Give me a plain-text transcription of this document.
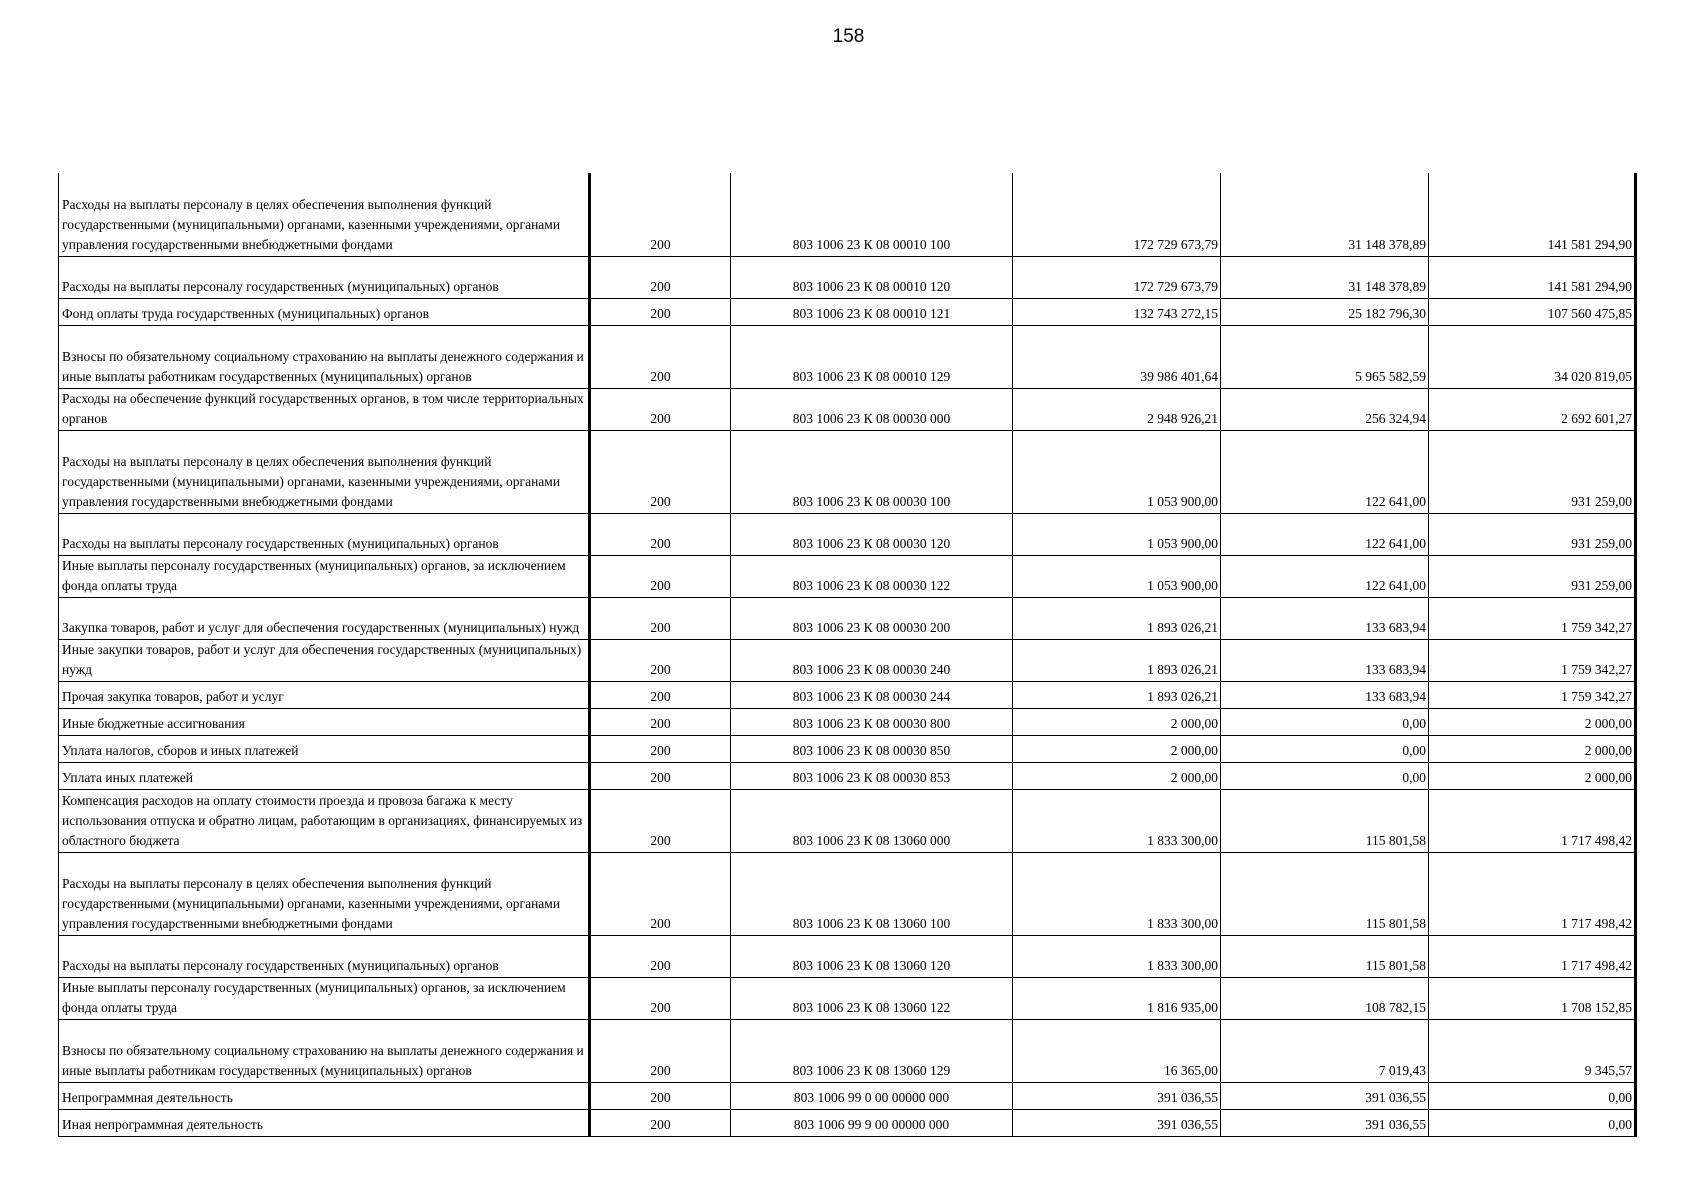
158
Расходы на выплаты персоналу в целях обеспечения выполнения функций государственными (муниципальными) органами, казенными учреждениями, органами управления государственными внебюджетными фондами	200	803 1006 23 К 08 00010 100	172 729 673,79	31 148 378,89	141 581 294,90
Расходы на выплаты персоналу государственных (муниципальных) органов	200	803 1006 23 К 08 00010 120	172 729 673,79	31 148 378,89	141 581 294,90
Фонд оплаты труда государственных (муниципальных) органов	200	803 1006 23 К 08 00010 121	132 743 272,15	25 182 796,30	107 560 475,85
Взносы по обязательному социальному страхованию на выплаты денежного содержания и иные выплаты работникам государственных (муниципальных) органов	200	803 1006 23 К 08 00010 129	39 986 401,64	5 965 582,59	34 020 819,05
Расходы на обеспечение функций государственных органов, в том числе территориальных органов	200	803 1006 23 К 08 00030 000	2 948 926,21	256 324,94	2 692 601,27
Расходы на выплаты персоналу в целях обеспечения выполнения функций государственными (муниципальными) органами, казенными учреждениями, органами управления государственными внебюджетными фондами	200	803 1006 23 К 08 00030 100	1 053 900,00	122 641,00	931 259,00
Расходы на выплаты персоналу государственных (муниципальных) органов	200	803 1006 23 К 08 00030 120	1 053 900,00	122 641,00	931 259,00
Иные выплаты персоналу государственных (муниципальных) органов, за исключением фонда оплаты труда	200	803 1006 23 К 08 00030 122	1 053 900,00	122 641,00	931 259,00
Закупка товаров, работ и услуг для обеспечения государственных (муниципальных) нужд	200	803 1006 23 К 08 00030 200	1 893 026,21	133 683,94	1 759 342,27
Иные закупки товаров, работ и услуг для обеспечения государственных (муниципальных) нужд	200	803 1006 23 К 08 00030 240	1 893 026,21	133 683,94	1 759 342,27
Прочая закупка товаров, работ и услуг	200	803 1006 23 К 08 00030 244	1 893 026,21	133 683,94	1 759 342,27
Иные бюджетные ассигнования	200	803 1006 23 К 08 00030 800	2 000,00	0,00	2 000,00
Уплата налогов, сборов и иных платежей	200	803 1006 23 К 08 00030 850	2 000,00	0,00	2 000,00
Уплата иных платежей	200	803 1006 23 К 08 00030 853	2 000,00	0,00	2 000,00
Компенсация расходов на оплату стоимости проезда и провоза багажа к месту использования отпуска и обратно лицам, работающим в организациях, финансируемых из областного бюджета	200	803 1006 23 К 08 13060 000	1 833 300,00	115 801,58	1 717 498,42
Расходы на выплаты персоналу в целях обеспечения выполнения функций государственными (муниципальными) органами, казенными учреждениями, органами управления государственными внебюджетными фондами	200	803 1006 23 К 08 13060 100	1 833 300,00	115 801,58	1 717 498,42
Расходы на выплаты персоналу государственных (муниципальных) органов	200	803 1006 23 К 08 13060 120	1 833 300,00	115 801,58	1 717 498,42
Иные выплаты персоналу государственных (муниципальных) органов, за исключением фонда оплаты труда	200	803 1006 23 К 08 13060 122	1 816 935,00	108 782,15	1 708 152,85
Взносы по обязательному социальному страхованию на выплаты денежного содержания и иные выплаты работникам государственных (муниципальных) органов	200	803 1006 23 К 08 13060 129	16 365,00	7 019,43	9 345,57
Непрограммная деятельность	200	803 1006 99 0 00 00000 000	391 036,55	391 036,55	0,00
Иная непрограммная деятельность	200	803 1006 99 9 00 00000 000	391 036,55	391 036,55	0,00
